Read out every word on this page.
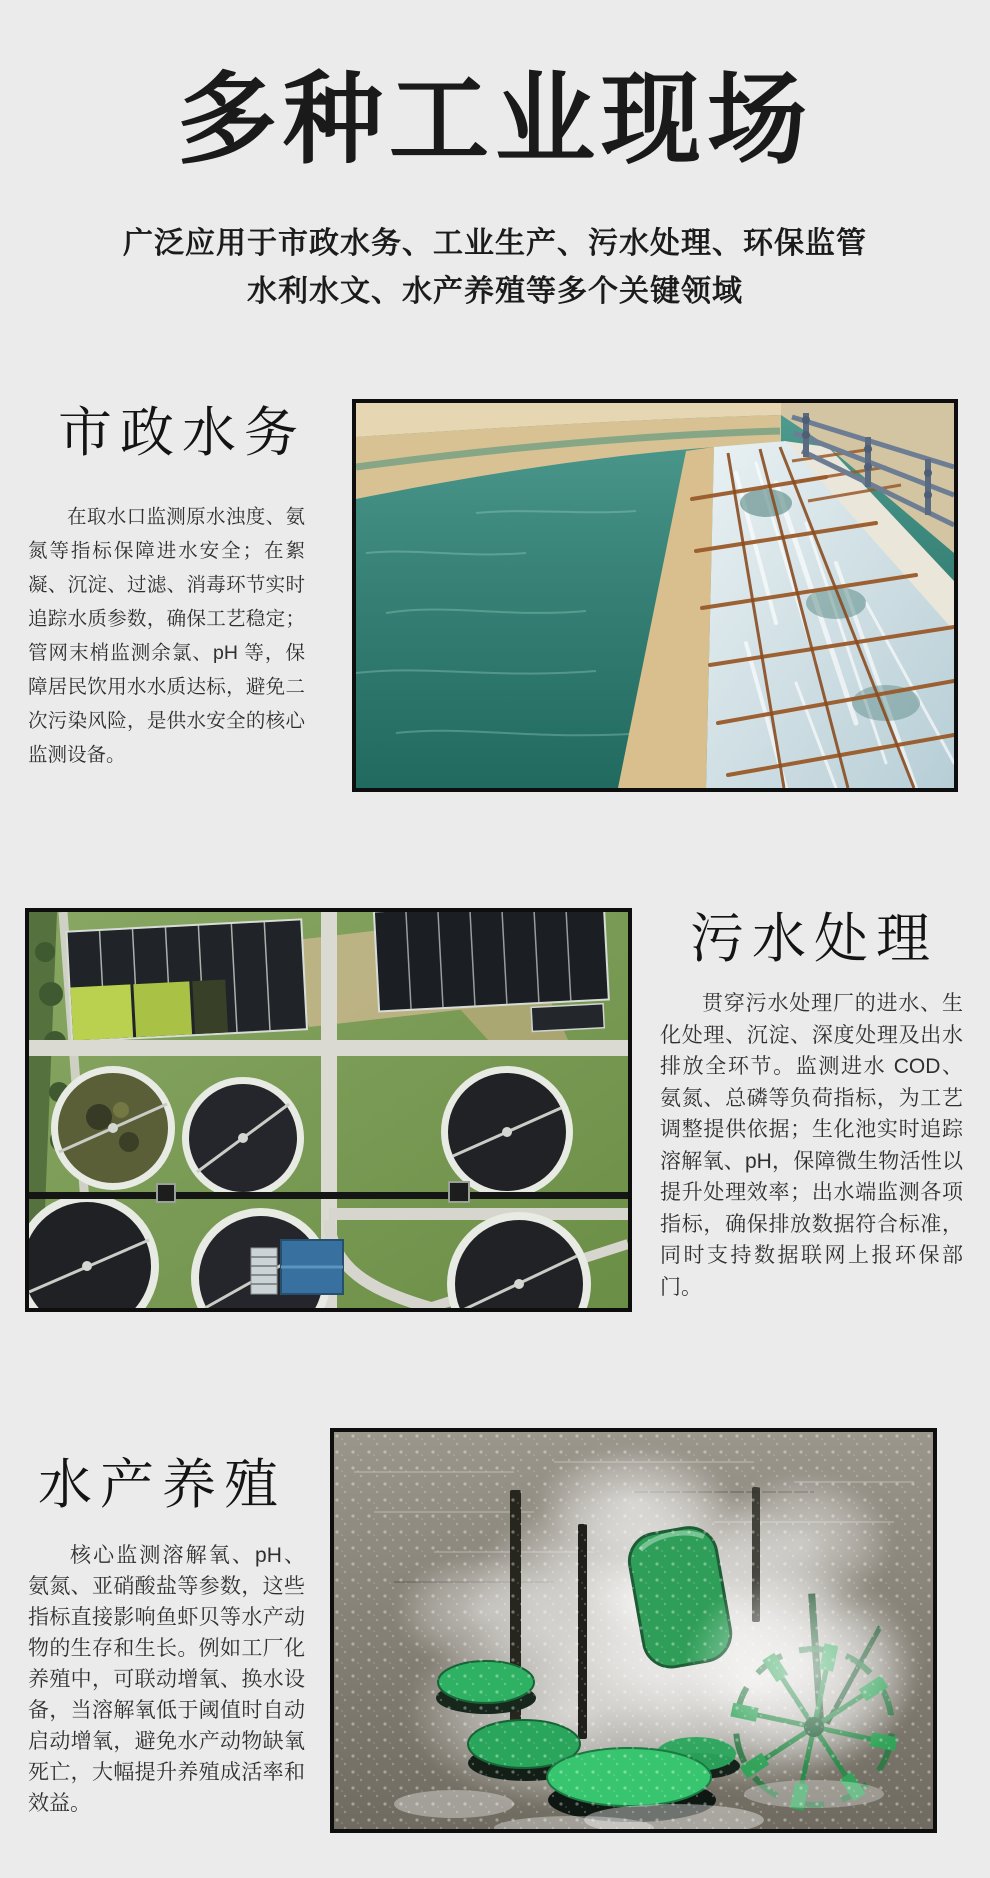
多种工业现场
广泛应用于市政水务、工业生产、污水处理、环保监管
水利水文、水产养殖等多个关键领域
市政水务
在取水口监测原水浊度、氨氮等指标保障进水安全；在絮凝、沉淀、过滤、消毒环节实时追踪水质参数，确保工艺稳定；管网末梢监测余氯、pH 等，保障居民饮用水水质达标，避免二次污染风险，是供水安全的核心监测设备。
污水处理
贯穿污水处理厂的进水、生化处理、沉淀、深度处理及出水排放全环节。监测进水 COD、氨氮、总磷等负荷指标，为工艺调整提供依据；生化池实时追踪溶解氧、pH，保障微生物活性以提升处理效率；出水端监测各项指标，确保排放数据符合标准，同时支持数据联网上报环保部门。
水产养殖
核心监测溶解氧、pH、氨氮、亚硝酸盐等参数，这些指标直接影响鱼虾贝等水产动物的生存和生长。例如工厂化养殖中，可联动增氧、换水设备，当溶解氧低于阈值时自动启动增氧，避免水产动物缺氧死亡，大幅提升养殖成活率和效益。
